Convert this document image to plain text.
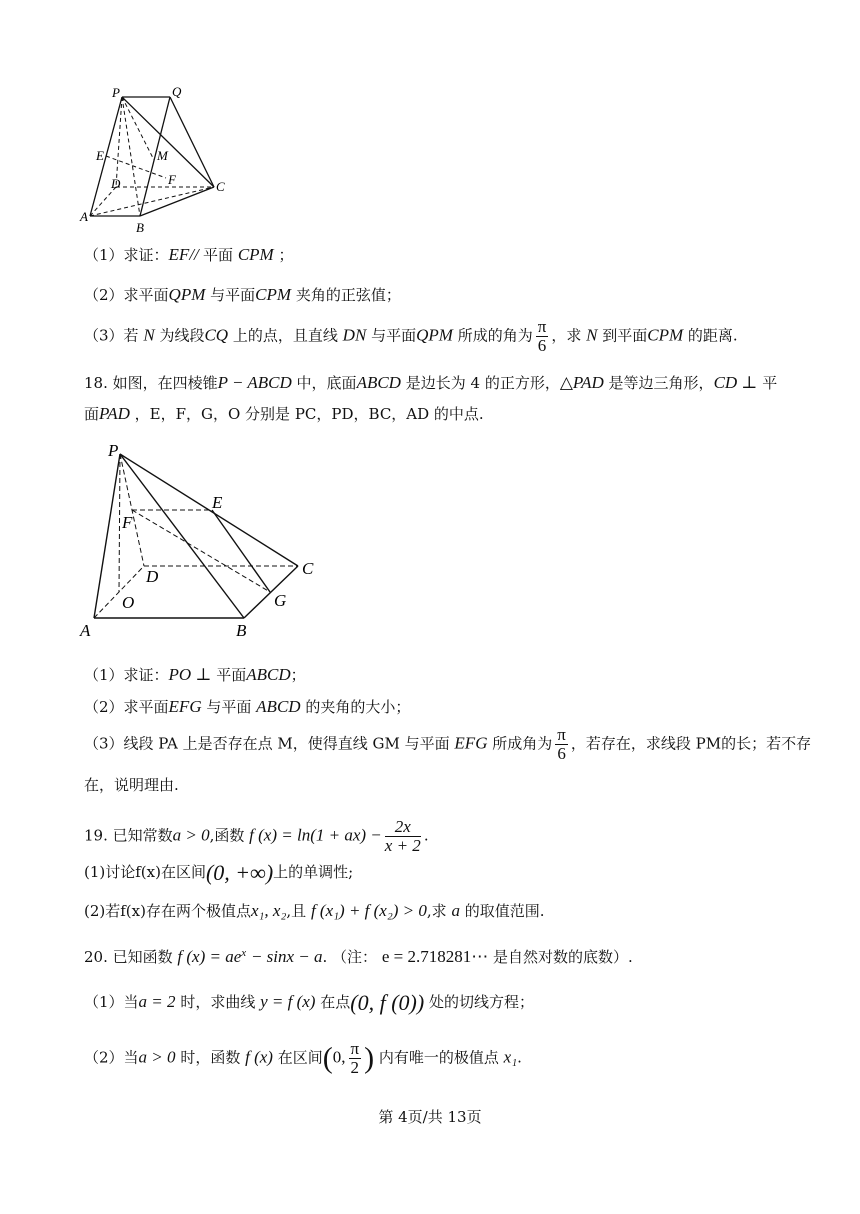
P	Q
E	M
D	F	C
A
B
（1）求证：EF// 平面 CPM ；
（2）求平面QPM 与平面CPM 夹角的正弦值；
（3）若 N 为线段CQ 上的点，且直线 DN 与平面QPM 所成的角为 $\frac{\pi}{6}$ ，求 N 到平面CPM 的距离.
18. 如图，在四棱锥P − ABCD 中，底面ABCD 是边长为 4 的正方形，△PAD 是等边三角形，CD ⊥ 平
面PAD ，E，F，G，O 分别是 PC，PD，BC，AD 的中点.
P
E
F
D	C
O	G
A	B
（1）求证：PO ⊥ 平面ABCD；
（2）求平面EFG 与平面 ABCD 的夹角的大小；
（3）线段 PA 上是否存在点 M，使得直线 GM 与平面 EFG 所成角为 $\frac{\pi}{6}$ ，若存在，求线段 PM的长；若不存
在，说明理由.
19. 已知常数a > 0,函数 f $(x) = \ln(1 + ax) - \frac{2x}{x + 2}$ .
(1)讨论f(x)在区间(0, +∞)上的单调性;
(2)若f(x)存在两个极值点x₁, x₂,且 f (x₁) + f (x₂) > 0,求 a 的取值范围.
20. 已知函数 f $(x) = ae^x - \sin x - a$. （注： e = 2.718281⋯ 是自然对数的底数）.
（1）当a = 2 时，求曲线 y = f (x) 在点(0, f (0)) 处的切线方程；
（2）当a > 0 时，函数 f (x) 在区间(0, $\frac{\pi}{2}$ ) 内有唯一的极值点 x₁.
第 4页/共 13页
